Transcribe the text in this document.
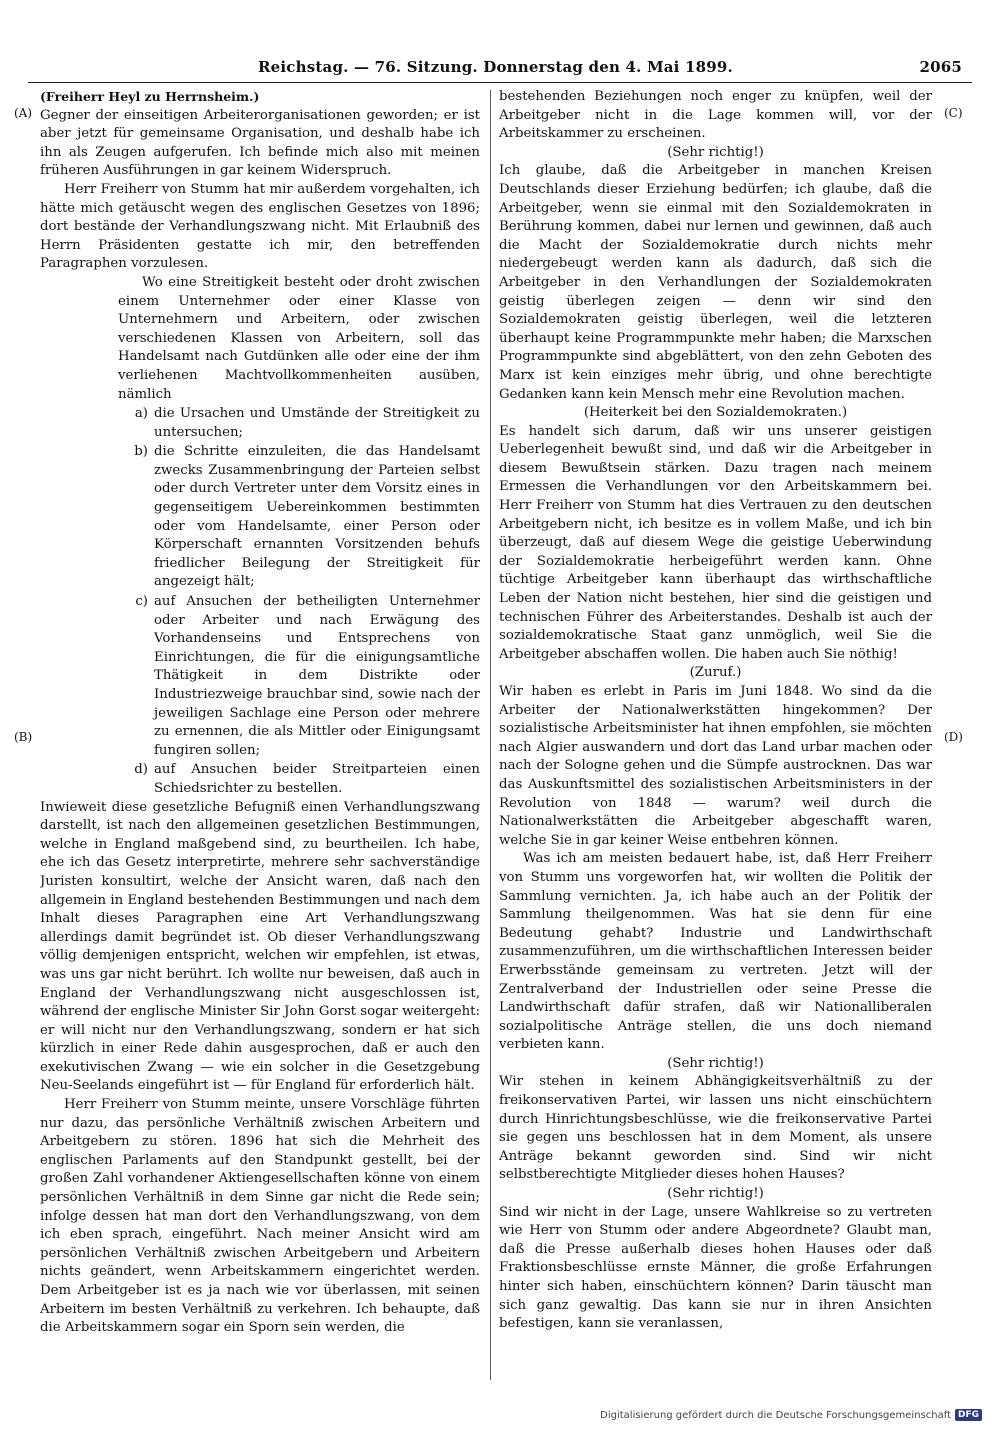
Reichstag. — 76. Sitzung. Donnerstag den 4. Mai 1899.	2065
(A)
(B)
(C)
(D)

(Freiherr Heyl zu Herrnsheim.)

Gegner der einseitigen Arbeiterorganisationen geworden; er ist aber jetzt für gemeinsame Organisation, und deshalb habe ich ihn als Zeugen aufgerufen. Ich befinde mich also mit meinen früheren Ausführungen in gar keinem Widerspruch.

Herr Freiherr von Stumm hat mir außerdem vorgehalten, ich hätte mich getäuscht wegen des englischen Gesetzes von 1896; dort bestände der Verhandlungszwang nicht. Mit Erlaubniß des Herrn Präsidenten gestatte ich mir, den betreffenden Paragraphen vorzulesen.

Wo eine Streitigkeit besteht oder droht zwischen einem Unternehmer oder einer Klasse von Unternehmern und Arbeitern, oder zwischen verschiedenen Klassen von Arbeitern, soll das Handelsamt nach Gutdünken alle oder eine der ihm verliehenen Machtvollkommenheiten ausüben, nämlich

a) die Ursachen und Umstände der Streitigkeit zu untersuchen;
b) die Schritte einzuleiten, die das Handelsamt zwecks Zusammenbringung der Parteien selbst oder durch Vertreter unter dem Vorsitz eines in gegenseitigem Uebereinkommen bestimmten oder vom Handelsamte, einer Person oder Körperschaft ernannten Vorsitzenden behufs friedlicher Beilegung der Streitigkeit für angezeigt hält;
c) auf Ansuchen der betheiligten Unternehmer oder Arbeiter und nach Erwägung des Vorhandenseins und Entsprechens von Einrichtungen, die für die einigungsamtliche Thätigkeit in dem Distrikte oder Industriezweige brauchbar sind, sowie nach der jeweiligen Sachlage eine Person oder mehrere zu ernennen, die als Mittler oder Einigungsamt fungiren sollen;
d) auf Ansuchen beider Streitparteien einen Schiedsrichter zu bestellen.

Inwieweit diese gesetzliche Befugniß einen Verhandlungszwang darstellt, ist nach den allgemeinen gesetzlichen Bestimmungen, welche in England maßgebend sind, zu beurtheilen. Ich habe, ehe ich das Gesetz interpretirte, mehrere sehr sachverständige Juristen konsultirt, welche der Ansicht waren, daß nach den allgemein in England bestehenden Bestimmungen und nach dem Inhalt dieses Paragraphen eine Art Verhandlungszwang allerdings damit begründet ist. Ob dieser Verhandlungszwang völlig demjenigen entspricht, welchen wir empfehlen, ist etwas, was uns gar nicht berührt. Ich wollte nur beweisen, daß auch in England der Verhandlungszwang nicht ausgeschlossen ist, während der englische Minister Sir John Gorst sogar weitergeht: er will nicht nur den Verhandlungszwang, sondern er hat sich kürzlich in einer Rede dahin ausgesprochen, daß er auch den exekutivischen Zwang — wie ein solcher in die Gesetzgebung Neu-Seelands eingeführt ist — für England für erforderlich hält.

Herr Freiherr von Stumm meinte, unsere Vorschläge führten nur dazu, das persönliche Verhältniß zwischen Arbeitern und Arbeitgebern zu stören. 1896 hat sich die Mehrheit des englischen Parlaments auf den Standpunkt gestellt, bei der großen Zahl vorhandener Aktiengesellschaften könne von einem persönlichen Verhältniß in dem Sinne gar nicht die Rede sein; infolge dessen hat man dort den Verhandlungszwang, von dem ich eben sprach, eingeführt. Nach meiner Ansicht wird am persönlichen Verhältniß zwischen Arbeitgebern und Arbeitern nichts geändert, wenn Arbeitskammern eingerichtet werden. Dem Arbeitgeber ist es ja nach wie vor überlassen, mit seinen Arbeitern im besten Verhältniß zu verkehren. Ich behaupte, daß die Arbeitskammern sogar ein Sporn sein werden, die

bestehenden Beziehungen noch enger zu knüpfen, weil der Arbeitgeber nicht in die Lage kommen will, vor der Arbeitskammer zu erscheinen.

(Sehr richtig!)

Ich glaube, daß die Arbeitgeber in manchen Kreisen Deutschlands dieser Erziehung bedürfen; ich glaube, daß die Arbeitgeber, wenn sie einmal mit den Sozialdemokraten in Berührung kommen, dabei nur lernen und gewinnen, daß auch die Macht der Sozialdemokratie durch nichts mehr niedergebeugt werden kann als dadurch, daß sich die Arbeitgeber in den Verhandlungen der Sozialdemokraten geistig überlegen zeigen — denn wir sind den Sozialdemokraten geistig überlegen, weil die letzteren überhaupt keine Programmpunkte mehr haben; die Marxschen Programmpunkte sind abgeblättert, von den zehn Geboten des Marx ist kein einziges mehr übrig, und ohne berechtigte Gedanken kann kein Mensch mehr eine Revolution machen.

(Heiterkeit bei den Sozialdemokraten.)

Es handelt sich darum, daß wir uns unserer geistigen Ueberlegenheit bewußt sind, und daß wir die Arbeitgeber in diesem Bewußtsein stärken. Dazu tragen nach meinem Ermessen die Verhandlungen vor den Arbeitskammern bei. Herr Freiherr von Stumm hat dies Vertrauen zu den deutschen Arbeitgebern nicht, ich besitze es in vollem Maße, und ich bin überzeugt, daß auf diesem Wege die geistige Ueberwindung der Sozialdemokratie herbeigeführt werden kann. Ohne tüchtige Arbeitgeber kann überhaupt das wirthschaftliche Leben der Nation nicht bestehen, hier sind die geistigen und technischen Führer des Arbeiterstandes. Deshalb ist auch der sozialdemokratische Staat ganz unmöglich, weil Sie die Arbeitgeber abschaffen wollen. Die haben auch Sie nöthig!

(Zuruf.)

Wir haben es erlebt in Paris im Juni 1848. Wo sind da die Arbeiter der Nationalwerkstätten hingekommen? Der sozialistische Arbeitsminister hat ihnen empfohlen, sie möchten nach Algier auswandern und dort das Land urbar machen oder nach der Sologne gehen und die Sümpfe austrocknen. Das war das Auskunftsmittel des sozialistischen Arbeitsministers in der Revolution von 1848 — warum? weil durch die Nationalwerkstätten die Arbeitgeber abgeschafft waren, welche Sie in gar keiner Weise entbehren können.

Was ich am meisten bedauert habe, ist, daß Herr Freiherr von Stumm uns vorgeworfen hat, wir wollten die Politik der Sammlung vernichten. Ja, ich habe auch an der Politik der Sammlung theilgenommen. Was hat sie denn für eine Bedeutung gehabt? Industrie und Landwirthschaft zusammenzuführen, um die wirthschaftlichen Interessen beider Erwerbsstände gemeinsam zu vertreten. Jetzt will der Zentralverband der Industriellen oder seine Presse die Landwirthschaft dafür strafen, daß wir Nationalliberalen sozialpolitische Anträge stellen, die uns doch niemand verbieten kann.

(Sehr richtig!)

Wir stehen in keinem Abhängigkeitsverhältniß zu der freikonservativen Partei, wir lassen uns nicht einschüchtern durch Hinrichtungsbeschlüsse, wie die freikonservative Partei sie gegen uns beschlossen hat in dem Moment, als unsere Anträge bekannt geworden sind. Sind wir nicht selbstberechtigte Mitglieder dieses hohen Hauses?

(Sehr richtig!)

Sind wir nicht in der Lage, unsere Wahlkreise so zu vertreten wie Herr von Stumm oder andere Abgeordnete? Glaubt man, daß die Presse außerhalb dieses hohen Hauses oder daß Fraktionsbeschlüsse ernste Männer, die große Erfahrungen hinter sich haben, einschüchtern können? Darin täuscht man sich ganz gewaltig. Das kann sie nur in ihren Ansichten befestigen, kann sie veranlassen,

Digitalisierung gefördert durch die Deutsche Forschungsgemeinschaft DFG
